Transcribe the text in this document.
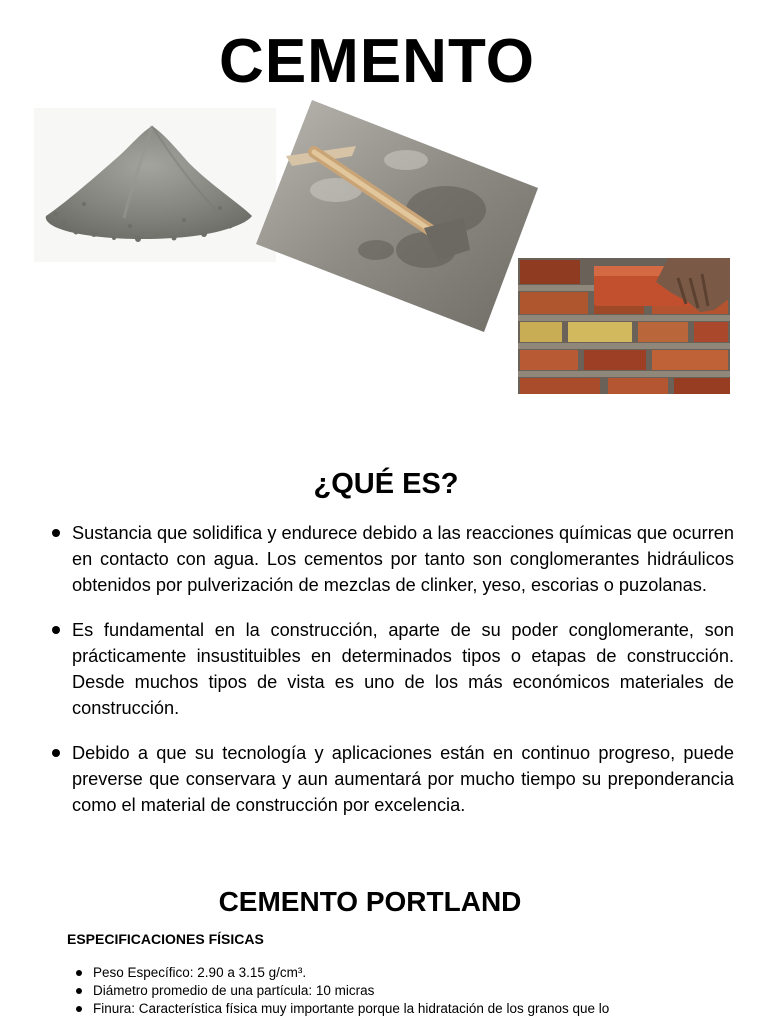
CEMENTO
¿QUÉ ES?
Sustancia que solidifica y endurece debido a las reacciones químicas que ocurren en contacto con agua. Los cementos por tanto son conglomerantes hidráulicos obtenidos por pulverización de mezclas de clinker, yeso, escorias o puzolanas.
Es fundamental en la construcción, aparte de su poder conglomerante, son prácticamente insustituibles en determinados tipos o etapas de construcción. Desde muchos tipos de vista es uno de los más económicos materiales de construcción.
Debido a que su tecnología y aplicaciones están en continuo progreso, puede preverse que conservara y aun aumentará por mucho tiempo su preponderancia como el material de construcción por excelencia.
CEMENTO PORTLAND
ESPECIFICACIONES FÍSICAS
Peso Específico: 2.90 a 3.15 g/cm³.
Diámetro promedio de una partícula: 10 micras
Finura: Característica física muy importante porque la hidratación de los granos que lo
